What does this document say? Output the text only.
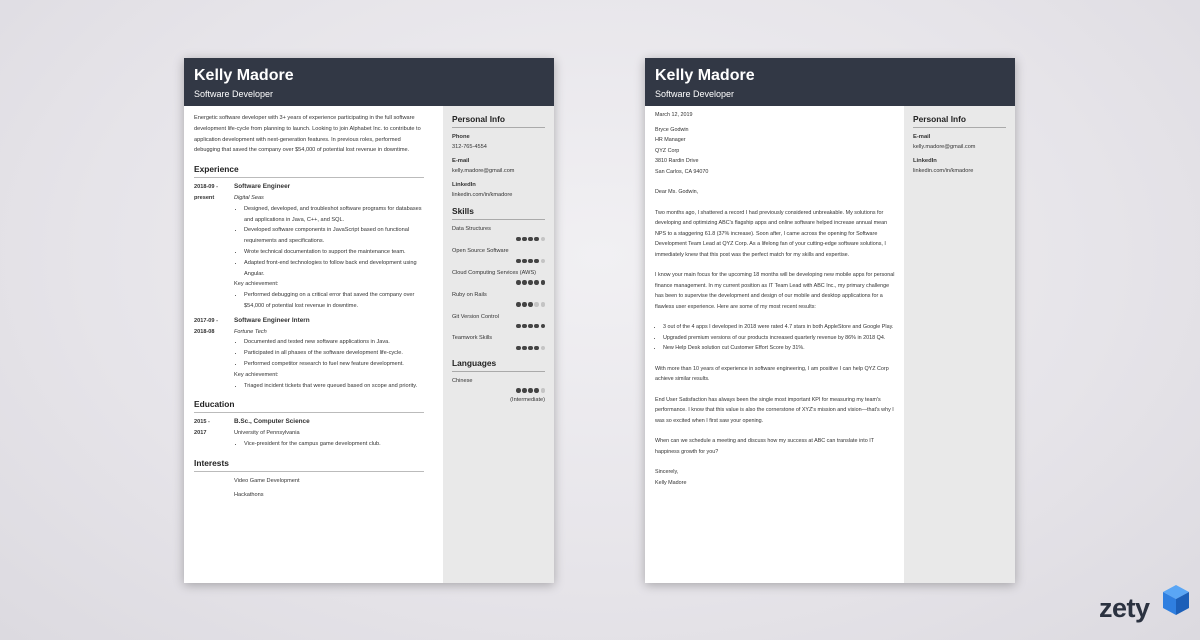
Kelly Madore
Software Developer

Energetic software developer with 3+ years of experience participating in the full software development life-cycle from planning to launch. Looking to join Alphabet Inc. to contribute to application development with next-generation features. In previous roles, performed debugging that saved the company over $54,000 of potential lost revenue in downtime.

Experience
2018-09 -
present
Software Engineer
Digital Seas
• Designed, developed, and troubleshot software programs for databases and applications in Java, C++, and SQL.
• Developed software components in JavaScript based on functional requirements and specifications.
• Wrote technical documentation to support the maintenance team.
• Adapted front-end technologies to follow back end development using Angular.
Key achievement:
• Performed debugging on a critical error that saved the company over $54,000 of potential lost revenue in downtime.
2017-09 -
2018-08
Software Engineer Intern
Fortune Tech
• Documented and tested new software applications in Java.
• Participated in all phases of the software development life-cycle.
• Performed competitor research to fuel new feature development.
Key achievement:
• Triaged incident tickets that were queued based on scope and priority.
Education
2015 -
2017
B.Sc., Computer Science
University of Pennsylvania
• Vice-president for the campus game development club.
Interests
Video Game Development
Hackathons
Personal Info
Phone
312-765-4554
E-mail
kelly.madore@gmail.com
LinkedIn
linkedin.com/in/kmadore
Skills
Data Structures
Open Source Software
Cloud Computing Services (AWS)
Ruby on Rails
Git Version Control
Teamwork Skills
Languages
Chinese
(Intermediate)
Kelly Madore
Software Developer

March 12, 2019

Bryce Godwin
HR Manager
QYZ Corp
3810 Rardin Drive
San Carlos, CA 94070

Dear Ms. Godwin,

Two months ago, I shattered a record I had previously considered unbreakable. My solutions for developing and optimizing ABC's flagship apps and online software helped increase annual mean NPS to a staggering 61.8 (37% increase). Soon after, I came across the opening for Software Development Team Lead at QYZ Corp. As a lifelong fan of your cutting-edge software solutions, I immediately knew that this post was the perfect match for my skills and expertise.

I know your main focus for the upcoming 18 months will be developing new mobile apps for personal finance management. In my current position as IT Team Lead with ABC Inc., my primary challenge has been to supervise the development and design of our mobile and desktop applications for a flawless user experience. Here are some of my most recent results:

• 3 out of the 4 apps I developed in 2018 were rated 4.7 stars in both AppleStore and Google Play.
• Upgraded premium versions of our products increased quarterly revenue by 86% in 2018 Q4.
• New Help Desk solution cut Customer Effort Score by 31%.

With more than 10 years of experience in software engineering, I am positive I can help QYZ Corp achieve similar results.

End User Satisfaction has always been the single most important KPI for measuring my team's performance. I know that this value is also the cornerstone of XYZ's mission and vision—that's why I was so excited when I first saw your opening.

When can we schedule a meeting and discuss how my success at ABC can translate into IT happiness growth for you?

Sincerely,

Kelly Madore

Personal Info
E-mail
kelly.madore@gmail.com
LinkedIn
linkedin.com/in/kmadore
zety
